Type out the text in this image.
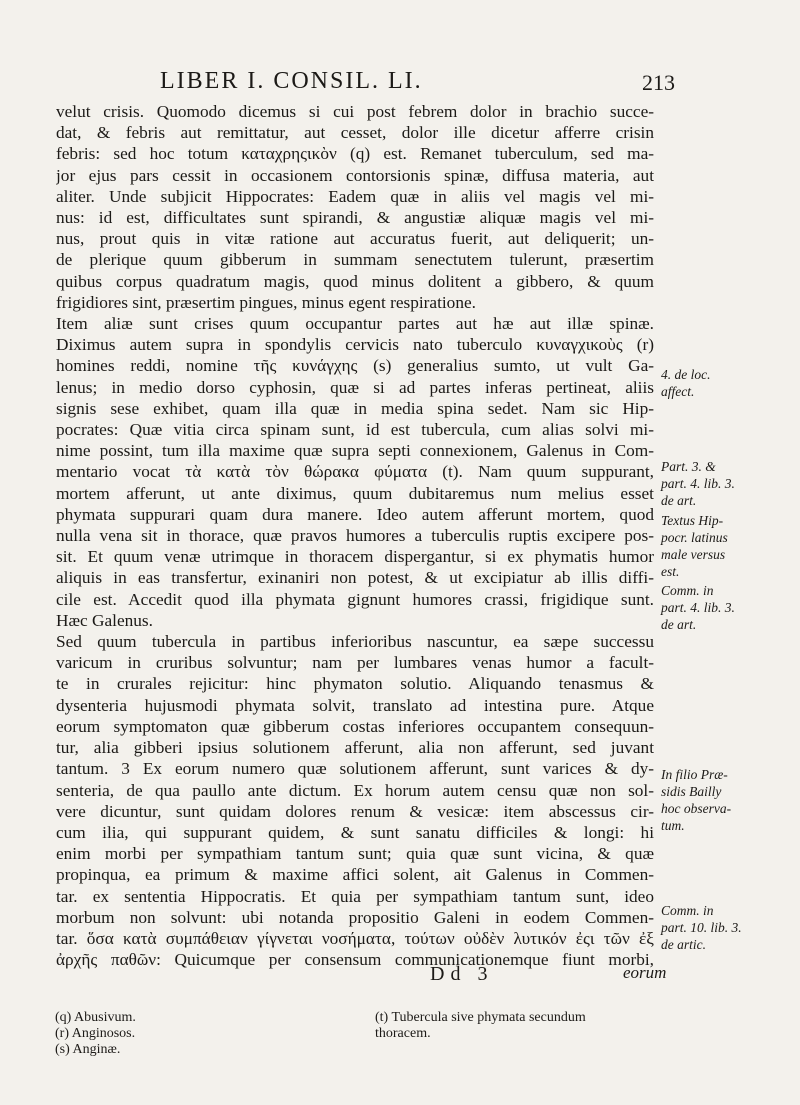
LIBER I. CONSIL. LI.	213
velut crisis. Quomodo dicemus si cui post febrem dolor in brachio succe-
dat, & febris aut remittatur, aut cesset, dolor ille dicetur afferre crisin
febris: sed hoc totum καταχρηςικὸν (q) est. Remanet tuberculum, sed ma-
jor ejus pars cessit in occasionem contorsionis spinæ, diffusa materia, aut
aliter. Unde subjicit Hippocrates: Eadem quæ in aliis vel magis vel mi-
nus: id est, difficultates sunt spirandi, & angustiæ aliquæ magis vel mi-
nus, prout quis in vitæ ratione aut accuratus fuerit, aut deliquerit; un-
de plerique quum gibberum in summam senectutem tulerunt, præsertim
quibus corpus quadratum magis, quod minus dolitent a gibbero, & quum
frigidiores sint, præsertim pingues, minus egent respiratione.
Item aliæ sunt crises quum occupantur partes aut hæ aut illæ spinæ.
Diximus autem supra in spondylis cervicis nato tuberculo κυναγχικοὺς (r)
homines reddi, nomine τῆς κυνάγχης (s) generalius sumto, ut vult Ga-
lenus; in medio dorso cyphosin, quæ si ad partes inferas pertineat, aliis
signis sese exhibet, quam illa quæ in media spina sedet. Nam sic Hip-
pocrates: Quæ vitia circa spinam sunt, id est tubercula, cum alias solvi mi-
nime possint, tum illa maxime quæ supra septi connexionem, Galenus in Com-
mentario vocat τὰ κατὰ τὸν θώρακα φύματα (t). Nam quum suppurant,
mortem afferunt, ut ante diximus, quum dubitaremus num melius esset
phymata suppurari quam dura manere. Ideo autem afferunt mortem, quod
nulla vena sit in thorace, quæ pravos humores a tuberculis ruptis excipere pos-
sit. Et quum venæ utrimque in thoracem dispergantur, si ex phymatis humor
aliquis in eas transfertur, exinaniri non potest, & ut excipiatur ab illis diffi-
cile est. Accedit quod illa phymata gignunt humores crassi, frigidique sunt.
Hæc Galenus.
Sed quum tubercula in partibus inferioribus nascuntur, ea sæpe successu
varicum in cruribus solvuntur; nam per lumbares venas humor a facult-
te in crurales rejicitur: hinc phymaton solutio. Aliquando tenasmus &
dysenteria hujusmodi phymata solvit, translato ad intestina pure. Atque
eorum symptomaton quæ gibberum costas inferiores occupantem consequun-
tur, alia gibberi ipsius solutionem afferunt, alia non afferunt, sed juvant
tantum. 3 Ex eorum numero quæ solutionem afferunt, sunt varices & dy-
senteria, de qua paullo ante dictum. Ex horum autem censu quæ non sol-
vere dicuntur, sunt quidam dolores renum & vesicæ: item abscessus cir-
cum ilia, qui suppurant quidem, & sunt sanatu difficiles & longi: hi
enim morbi per sympathiam tantum sunt; quia quæ sunt vicina, & quæ
propinqua, ea primum & maxime affici solent, ait Galenus in Commen-
tar. ex sententia Hippocratis. Et quia per sympathiam tantum sunt, ideo
morbum non solvunt: ubi notanda propositio Galeni in eodem Commen-
tar. ὅσα κατὰ συμπάθειαν γίγνεται νοσήματα, τούτων οὐδὲν λυτικόν ἐςι τῶν ἐξ
ἀρχῆς παθῶν: Quicumque per consensum communicationemque fiunt morbi,
Dd 3	eorum
4. de loc.
affect.
Part. 3. &
part. 4. lib. 3.
de art.
Textus Hip-
pocr. latinus
male versus
est.
Comm. in
part. 4. lib. 3.
de art.
In filio Præ-
sidis Bailly
hoc observa-
tum.
Comm. in
part. 10. lib. 3.
de artic.
(q) Abusivum.
(r) Anginosos.
(s) Anginæ.
(t) Tubercula sive phymata secundum
thoracem.
